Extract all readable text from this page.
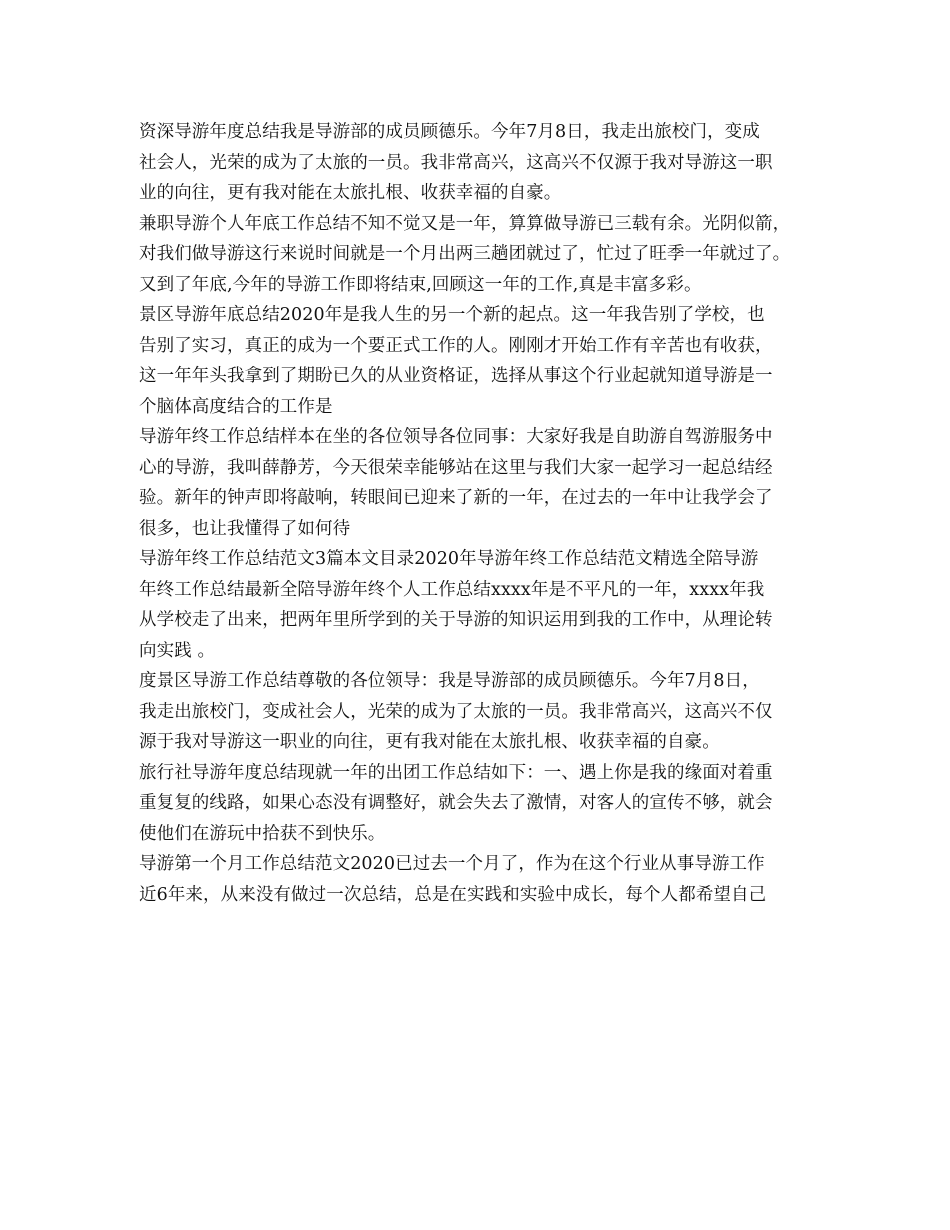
资深导游年度总结我是导游部的成员顾德乐。今年7月8日，我走出旅校门，变成
社会人，光荣的成为了太旅的一员。我非常高兴，这高兴不仅源于我对导游这一职
业的向往，更有我对能在太旅扎根、收获幸福的自豪。
兼职导游个人年底工作总结不知不觉又是一年，算算做导游已三载有余。光阴似箭，
对我们做导游这行来说时间就是一个月出两三趟团就过了，忙过了旺季一年就过了。
又到了年底,今年的导游工作即将结束,回顾这一年的工作,真是丰富多彩。
景区导游年底总结2020年是我人生的另一个新的起点。这一年我告别了学校，也
告别了实习，真正的成为一个要正式工作的人。刚刚才开始工作有辛苦也有收获，
这一年年头我拿到了期盼已久的从业资格证，选择从事这个行业起就知道导游是一
个脑体高度结合的工作是
导游年终工作总结样本在坐的各位领导各位同事：大家好我是自助游自驾游服务中
心的导游，我叫薛静芳，今天很荣幸能够站在这里与我们大家一起学习一起总结经
验。新年的钟声即将敲响，转眼间已迎来了新的一年，在过去的一年中让我学会了
很多，也让我懂得了如何待
导游年终工作总结范文3篇本文目录2020年导游年终工作总结范文精选全陪导游
年终工作总结最新全陪导游年终个人工作总结xxxx年是不平凡的一年，xxxx年我
从学校走了出来，把两年里所学到的关于导游的知识运用到我的工作中，从理论转
向实践 。
度景区导游工作总结尊敬的各位领导：我是导游部的成员顾德乐。今年7月8日，
我走出旅校门，变成社会人，光荣的成为了太旅的一员。我非常高兴，这高兴不仅
源于我对导游这一职业的向往，更有我对能在太旅扎根、收获幸福的自豪。
旅行社导游年度总结现就一年的出团工作总结如下：一、遇上你是我的缘面对着重
重复复的线路，如果心态没有调整好，就会失去了激情，对客人的宣传不够，就会
使他们在游玩中拾获不到快乐。
导游第一个月工作总结范文2020已过去一个月了，作为在这个行业从事导游工作
近6年来，从来没有做过一次总结，总是在实践和实验中成长，每个人都希望自己
